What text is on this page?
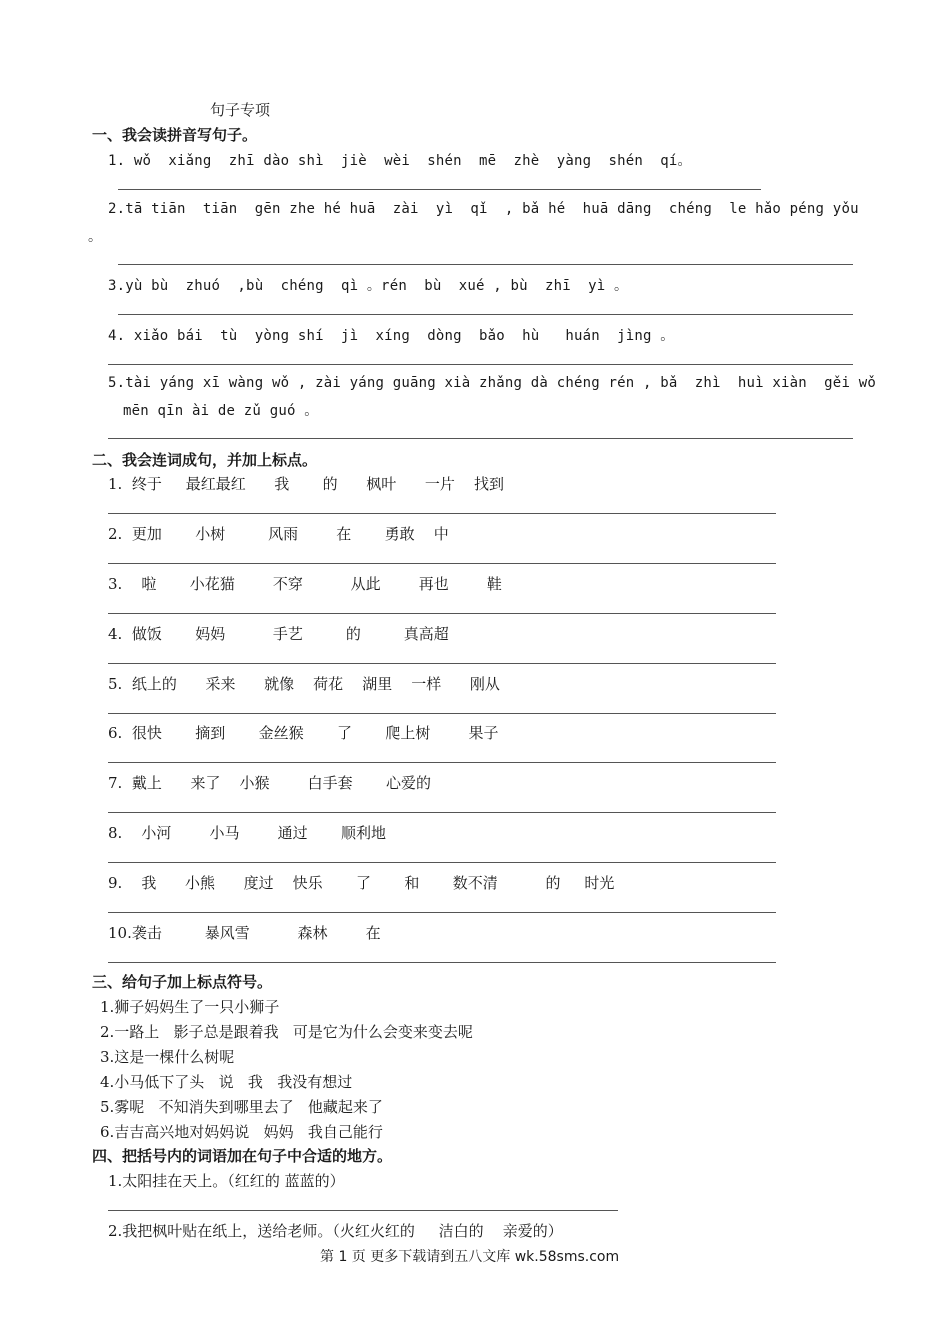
句子专项
一、我会读拼音写句子。
1. wǒ  xiǎng  zhī dào shì  jiè  wèi  shén  mē  zhè  yàng  shén  qí。
2.tā tiān  tiān  gēn zhe hé huā  zài  yì  qǐ  , bǎ hé  huā dāng  chéng  le hǎo péng yǒu
。
3.yù bù  zhuó  ,bù  chéng  qì 。rén  bù  xué , bù  zhī  yì 。
4. xiǎo bái  tù  yòng shí  jì  xíng  dòng  bǎo  hù   huán  jìng 。
5.tài yáng xī wàng wǒ , zài yáng guāng xià zhǎng dà chéng rén , bǎ  zhì  huì xiàn  gěi wǒ
mēn qīn ài de zǔ guó 。
二、我会连词成句，并加上标点。
1.  终于     最红最红      我       的      枫叶      一片    找到
2.  更加       小树         风雨        在       勇敢    中
3.    啦       小花猫        不穿          从此        再也        鞋
4.  做饭       妈妈          手艺         的         真高超
5.  纸上的      采来      就像    荷花    湖里    一样      刚从
6.  很快       摘到       金丝猴       了       爬上树        果子
7.  戴上      来了    小猴        白手套       心爱的
8.    小河        小马        通过       顺利地
9.    我      小熊      度过    快乐       了       和       数不清          的     时光
10.袭击         暴风雪          森林        在
三、给句子加上标点符号。
1.狮子妈妈生了一只小狮子
2.一路上   影子总是跟着我   可是它为什么会变来变去呢
3.这是一棵什么树呢
4.小马低下了头   说   我   我没有想过
5.雾呢   不知消失到哪里去了   他藏起来了
6.吉吉高兴地对妈妈说   妈妈   我自己能行
四、把括号内的词语加在句子中合适的地方。
1.太阳挂在天上。（红红的 蓝蓝的）
2.我把枫叶贴在纸上，送给老师。（火红火红的     洁白的    亲爱的）
第 1 页 更多下载请到五八文库 wk.58sms.com
